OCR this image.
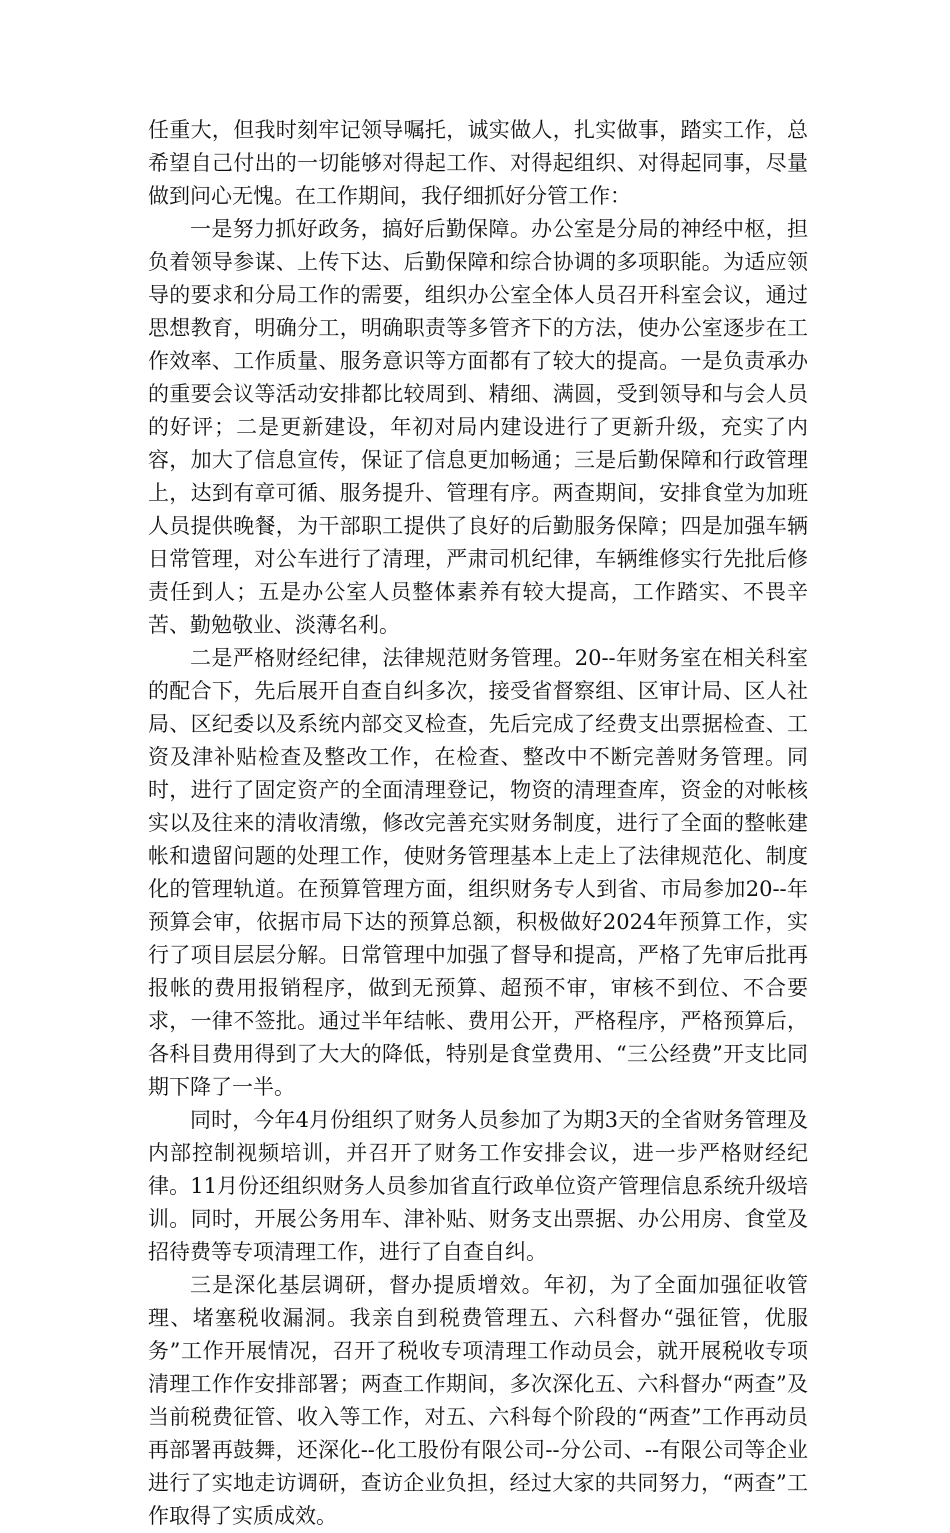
任重大，但我时刻牢记领导嘱托，诚实做人，扎实做事，踏实工作，总希望自己付出的一切能够对得起工作、对得起组织、对得起同事，尽量做到问心无愧。在工作期间，我仔细抓好分管工作：

一是努力抓好政务，搞好后勤保障。办公室是分局的神经中枢，担负着领导参谋、上传下达、后勤保障和综合协调的多项职能。为适应领导的要求和分局工作的需要，组织办公室全体人员召开科室会议，通过思想教育，明确分工，明确职责等多管齐下的方法，使办公室逐步在工作效率、工作质量、服务意识等方面都有了较大的提高。一是负责承办的重要会议等活动安排都比较周到、精细、满圆，受到领导和与会人员的好评；二是更新建设，年初对局内建设进行了更新升级，充实了内容，加大了信息宣传，保证了信息更加畅通；三是后勤保障和行政管理上，达到有章可循、服务提升、管理有序。两查期间，安排食堂为加班人员提供晚餐，为干部职工提供了良好的后勤服务保障；四是加强车辆日常管理，对公车进行了清理，严肃司机纪律，车辆维修实行先批后修责任到人；五是办公室人员整体素养有较大提高，工作踏实、不畏辛苦、勤勉敬业、淡薄名利。

二是严格财经纪律，法律规范财务管理。20--年财务室在相关科室的配合下，先后展开自查自纠多次，接受省督察组、区审计局、区人社局、区纪委以及系统内部交叉检查，先后完成了经费支出票据检查、工资及津补贴检查及整改工作，在检查、整改中不断完善财务管理。同时，进行了固定资产的全面清理登记，物资的清理查库，资金的对帐核实以及往来的清收清缴，修改完善充实财务制度，进行了全面的整帐建帐和遗留问题的处理工作，使财务管理基本上走上了法律规范化、制度化的管理轨道。在预算管理方面，组织财务专人到省、市局参加20--年预算会审，依据市局下达的预算总额，积极做好2024年预算工作，实行了项目层层分解。日常管理中加强了督导和提高，严格了先审后批再报帐的费用报销程序，做到无预算、超预不审，审核不到位、不合要求，一律不签批。通过半年结帐、费用公开，严格程序，严格预算后，各科目费用得到了大大的降低，特别是食堂费用、“三公经费”开支比同期下降了一半。

同时，今年4月份组织了财务人员参加了为期3天的全省财务管理及内部控制视频培训，并召开了财务工作安排会议，进一步严格财经纪律。11月份还组织财务人员参加省直行政单位资产管理信息系统升级培训。同时，开展公务用车、津补贴、财务支出票据、办公用房、食堂及招待费等专项清理工作，进行了自查自纠。

三是深化基层调研，督办提质增效。年初，为了全面加强征收管理、堵塞税收漏洞。我亲自到税费管理五、六科督办“强征管，优服务”工作开展情况，召开了税收专项清理工作动员会，就开展税收专项清理工作作安排部署；两查工作期间，多次深化五、六科督办“两查”及当前税费征管、收入等工作，对五、六科每个阶段的“两查”工作再动员再部署再鼓舞，还深化--化工股份有限公司--分公司、--有限公司等企业进行了实地走访调研，查访企业负担，经过大家的共同努力，“两查”工作取得了实质成效。
